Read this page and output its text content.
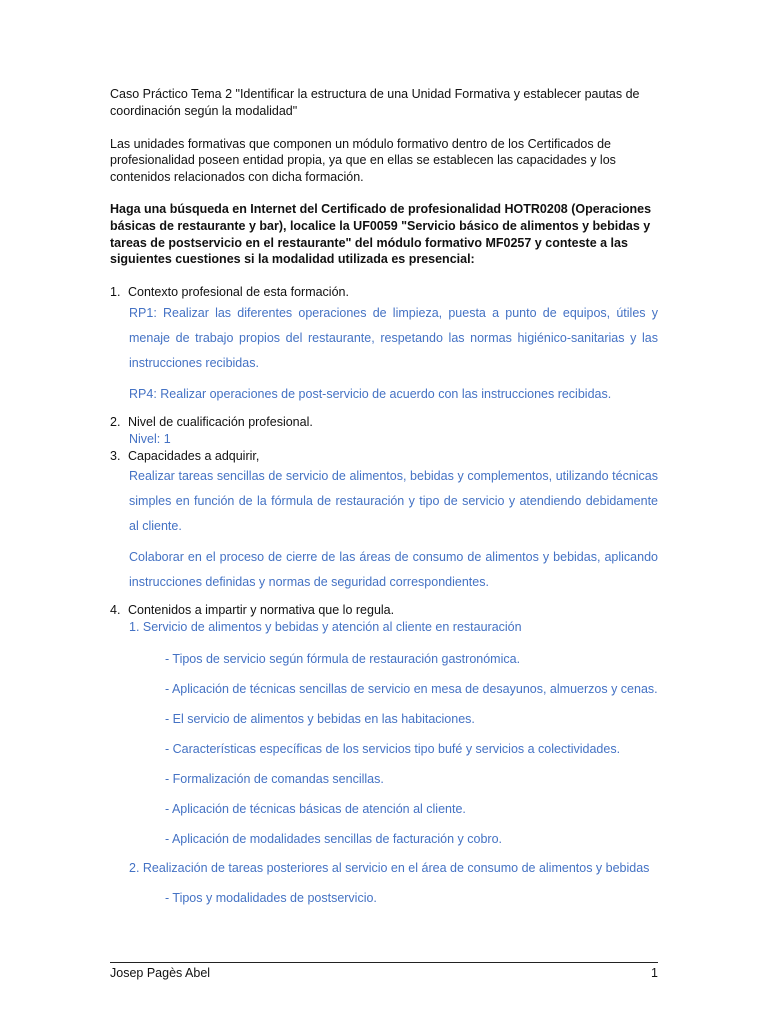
Caso Práctico Tema 2 "Identificar la estructura de una Unidad Formativa y establecer pautas de coordinación según la modalidad"

Las unidades formativas que componen un módulo formativo dentro de los Certificados de profesionalidad poseen entidad propia, ya que en ellas se establecen las capacidades y los contenidos relacionados con dicha formación.

Haga una búsqueda en Internet del Certificado de profesionalidad HOTR0208 (Operaciones básicas de restaurante y bar), localice la UF0059 "Servicio básico de alimentos y bebidas y tareas de postservicio en el restaurante" del módulo formativo MF0257 y conteste a las siguientes cuestiones si la modalidad utilizada es presencial:

1. Contexto profesional de esta formación.

RP1: Realizar las diferentes operaciones de limpieza, puesta a punto de equipos, útiles y menaje de trabajo propios del restaurante, respetando las normas higiénico-sanitarias y las instrucciones recibidas.

RP4: Realizar operaciones de post-servicio de acuerdo con las instrucciones recibidas.

2. Nivel de cualificación profesional.

Nivel: 1

3. Capacidades a adquirir,

Realizar tareas sencillas de servicio de alimentos, bebidas y complementos, utilizando técnicas simples en función de la fórmula de restauración y tipo de servicio y atendiendo debidamente al cliente.

Colaborar en el proceso de cierre de las áreas de consumo de alimentos y bebidas, aplicando instrucciones definidas y normas de seguridad correspondientes.

4. Contenidos a impartir y normativa que lo regula.

1. Servicio de alimentos y bebidas y atención al cliente en restauración

- Tipos de servicio según fórmula de restauración gastronómica.

- Aplicación de técnicas sencillas de servicio en mesa de desayunos, almuerzos y cenas.

- El servicio de alimentos y bebidas en las habitaciones.

- Características específicas de los servicios tipo bufé y servicios a colectividades.

- Formalización de comandas sencillas.

- Aplicación de técnicas básicas de atención al cliente.

- Aplicación de modalidades sencillas de facturación y cobro.

2. Realización de tareas posteriores al servicio en el área de consumo de alimentos y bebidas

- Tipos y modalidades de postservicio.

Josep Pagès Abel	1
